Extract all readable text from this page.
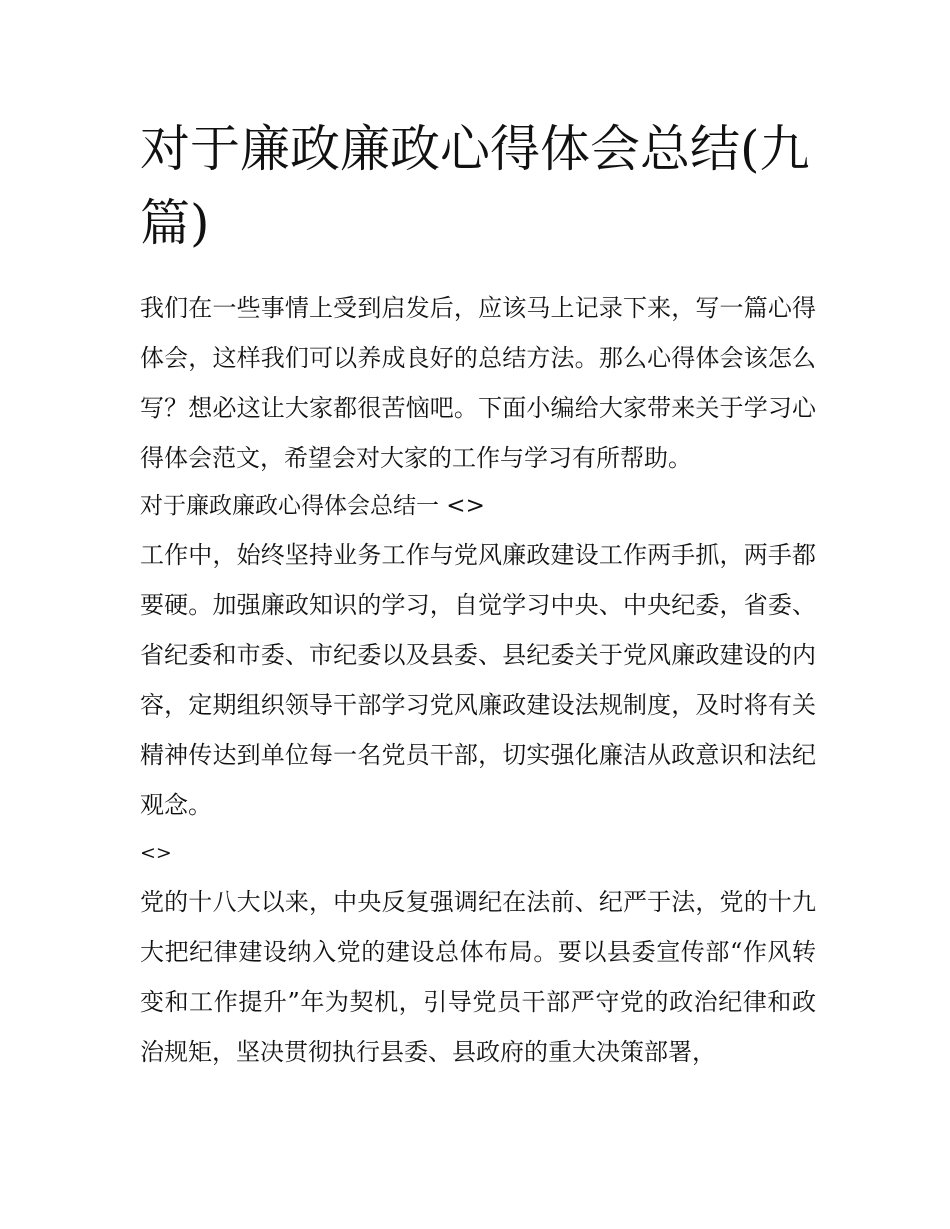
对于廉政廉政心得体会总结(九篇)

我们在一些事情上受到启发后，应该马上记录下来，写一篇心得体会，这样我们可以养成良好的总结方法。那么心得体会该怎么写？想必这让大家都很苦恼吧。下面小编给大家带来关于学习心得体会范文，希望会对大家的工作与学习有所帮助。

对于廉政廉政心得体会总结一 <>

工作中，始终坚持业务工作与党风廉政建设工作两手抓，两手都要硬。加强廉政知识的学习，自觉学习中央、中央纪委，省委、省纪委和市委、市纪委以及县委、县纪委关于党风廉政建设的内容，定期组织领导干部学习党风廉政建设法规制度，及时将有关精神传达到单位每一名党员干部，切实强化廉洁从政意识和法纪观念。

<>

党的十八大以来，中央反复强调纪在法前、纪严于法，党的十九大把纪律建设纳入党的建设总体布局。要以县委宣传部“作风转变和工作提升”年为契机，引导党员干部严守党的政治纪律和政治规矩，坚决贯彻执行县委、县政府的重大决策部署，
